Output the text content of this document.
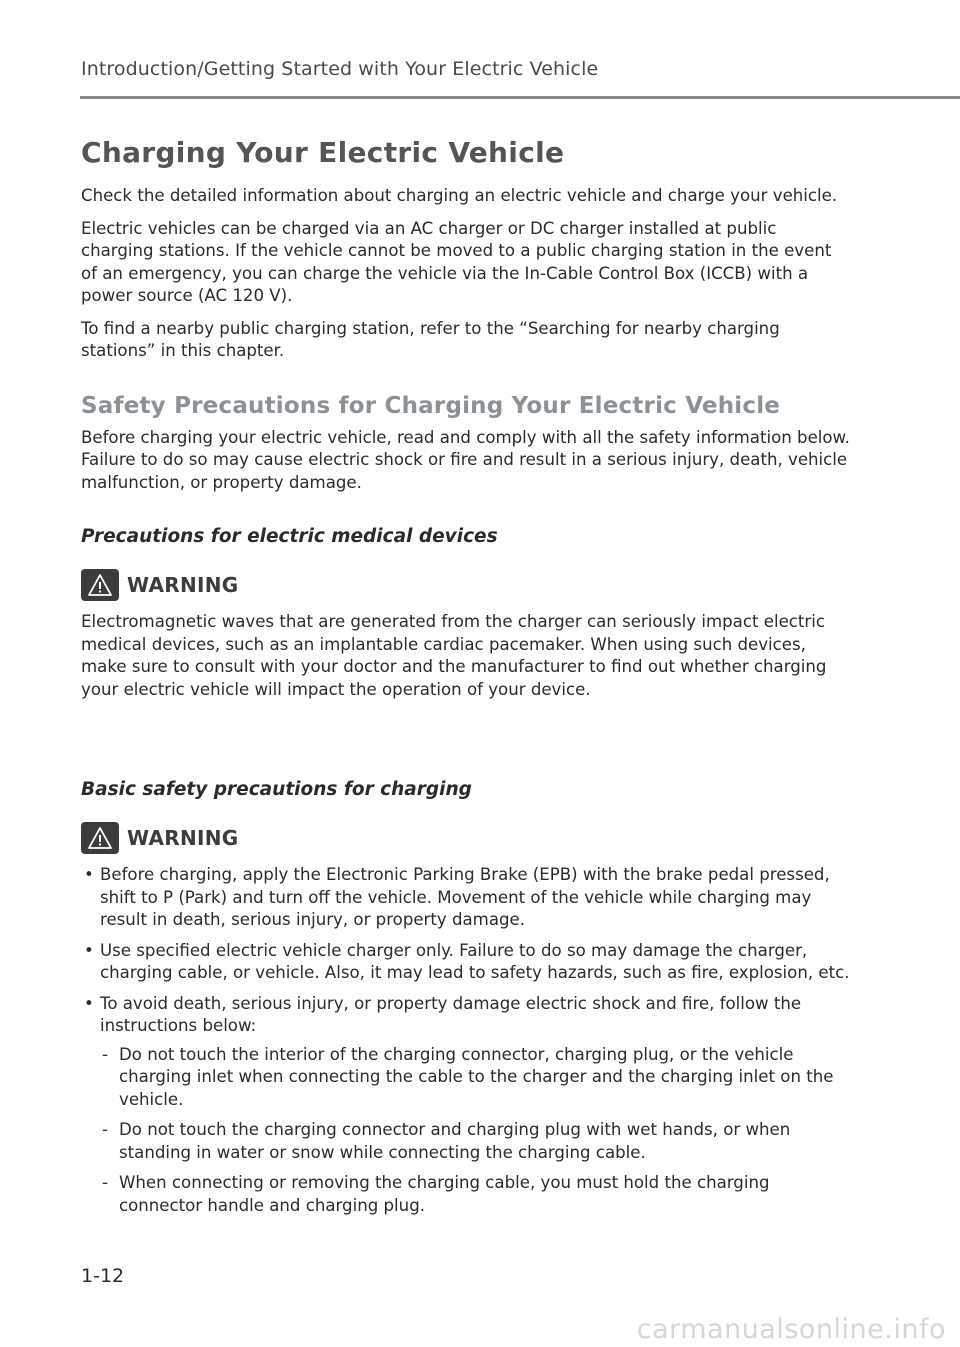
Introduction/Getting Started with Your Electric Vehicle
Charging Your Electric Vehicle

Check the detailed information about charging an electric vehicle and charge your vehicle.

Electric vehicles can be charged via an AC charger or DC charger installed at public charging stations. If the vehicle cannot be moved to a public charging station in the event of an emergency, you can charge the vehicle via the In-Cable Control Box (ICCB) with a power source (AC 120 V).

To find a nearby public charging station, refer to the “Searching for nearby charging stations” in this chapter.

Safety Precautions for Charging Your Electric Vehicle

Before charging your electric vehicle, read and comply with all the safety information below. Failure to do so may cause electric shock or fire and result in a serious injury, death, vehicle malfunction, or property damage.

Precautions for electric medical devices
WARNING

Electromagnetic waves that are generated from the charger can seriously impact electric medical devices, such as an implantable cardiac pacemaker. When using such devices, make sure to consult with your doctor and the manufacturer to find out whether charging your electric vehicle will impact the operation of your device.

Basic safety precautions for charging
WARNING
• Before charging, apply the Electronic Parking Brake (EPB) with the brake pedal pressed, shift to P (Park) and turn off the vehicle. Movement of the vehicle while charging may result in death, serious injury, or property damage.
• Use specified electric vehicle charger only. Failure to do so may damage the charger, charging cable, or vehicle. Also, it may lead to safety hazards, such as fire, explosion, etc.
• To avoid death, serious injury, or property damage electric shock and fire, follow the instructions below:
- Do not touch the interior of the charging connector, charging plug, or the vehicle charging inlet when connecting the cable to the charger and the charging inlet on the vehicle.
- Do not touch the charging connector and charging plug with wet hands, or when standing in water or snow while connecting the charging cable.
- When connecting or removing the charging cable, you must hold the charging connector handle and charging plug.
1-12
carmanualsonline.info
